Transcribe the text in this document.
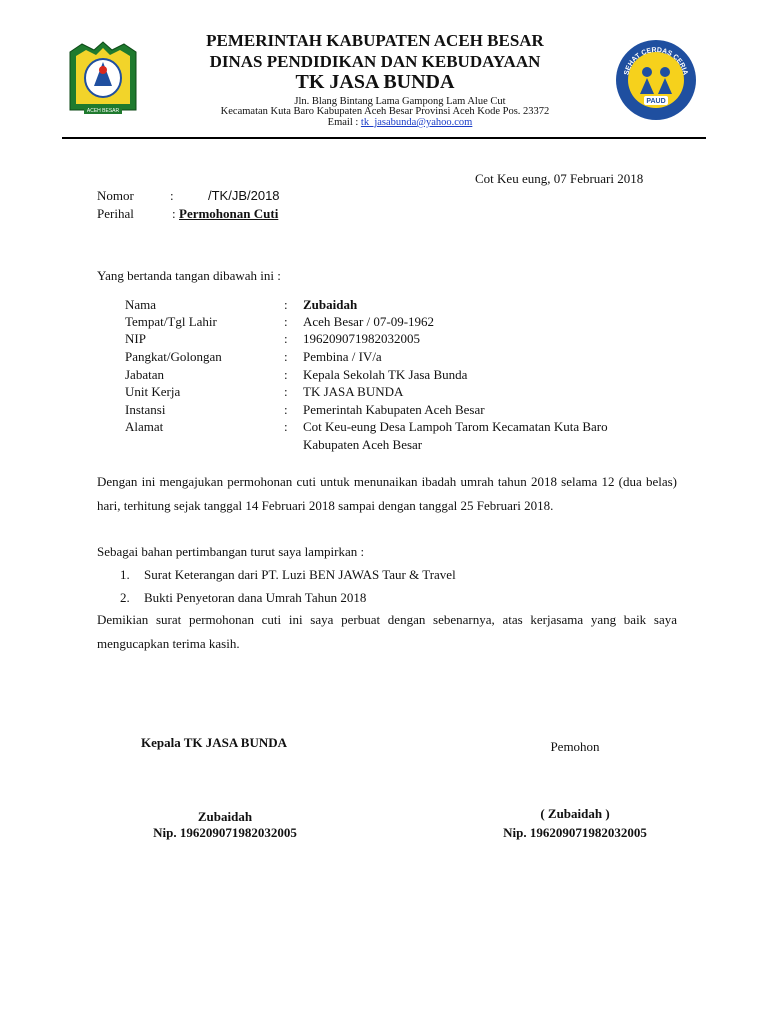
ACEH BESAR
SEHAT CERDAS CERIA
PAUD
PEMERINTAH KABUPATEN ACEH BESAR
DINAS PENDIDIKAN DAN KEBUDAYAAN
TK JASA BUNDA
Jln. Blang Bintang Lama Gampong Lam Alue Cut
Kecamatan Kuta Baro Kabupaten Aceh Besar Provinsi Aceh Kode Pos. 23372
Email : tk_jasabunda@yahoo.com
Cot Keu eung, 07 Februari 2018
Nomor	:	/TK/JB/2018
Perihal	: Permohonan Cuti
Yang bertanda tangan dibawah ini :
Nama	: Zubaidah
Tempat/Tgl Lahir	: Aceh Besar / 07-09-1962
NIP	: 196209071982032005
Pangkat/Golongan	: Pembina / IV/a
Jabatan	: Kepala Sekolah TK Jasa Bunda
Unit Kerja	: TK JASA BUNDA
Instansi	: Pemerintah Kabupaten Aceh Besar
Alamat	: Cot Keu-eung Desa Lampoh Tarom Kecamatan Kuta Baro
Kabupaten Aceh Besar
Dengan ini mengajukan permohonan cuti untuk menunaikan ibadah umrah tahun 2018 selama 12 (dua belas) hari, terhitung sejak tanggal 14 Februari 2018 sampai dengan tanggal 25 Februari 2018.
Sebagai bahan pertimbangan turut saya lampirkan :
1. Surat Keterangan dari PT. Luzi BEN JAWAS Taur & Travel
2. Bukti Penyetoran dana Umrah Tahun 2018
Demikian surat permohonan cuti ini saya perbuat dengan sebenarnya, atas kerjasama yang baik saya mengucapkan terima kasih.
Kepala TK JASA BUNDA
Zubaidah
Nip. 196209071982032005
Pemohon
( Zubaidah )
Nip. 196209071982032005
